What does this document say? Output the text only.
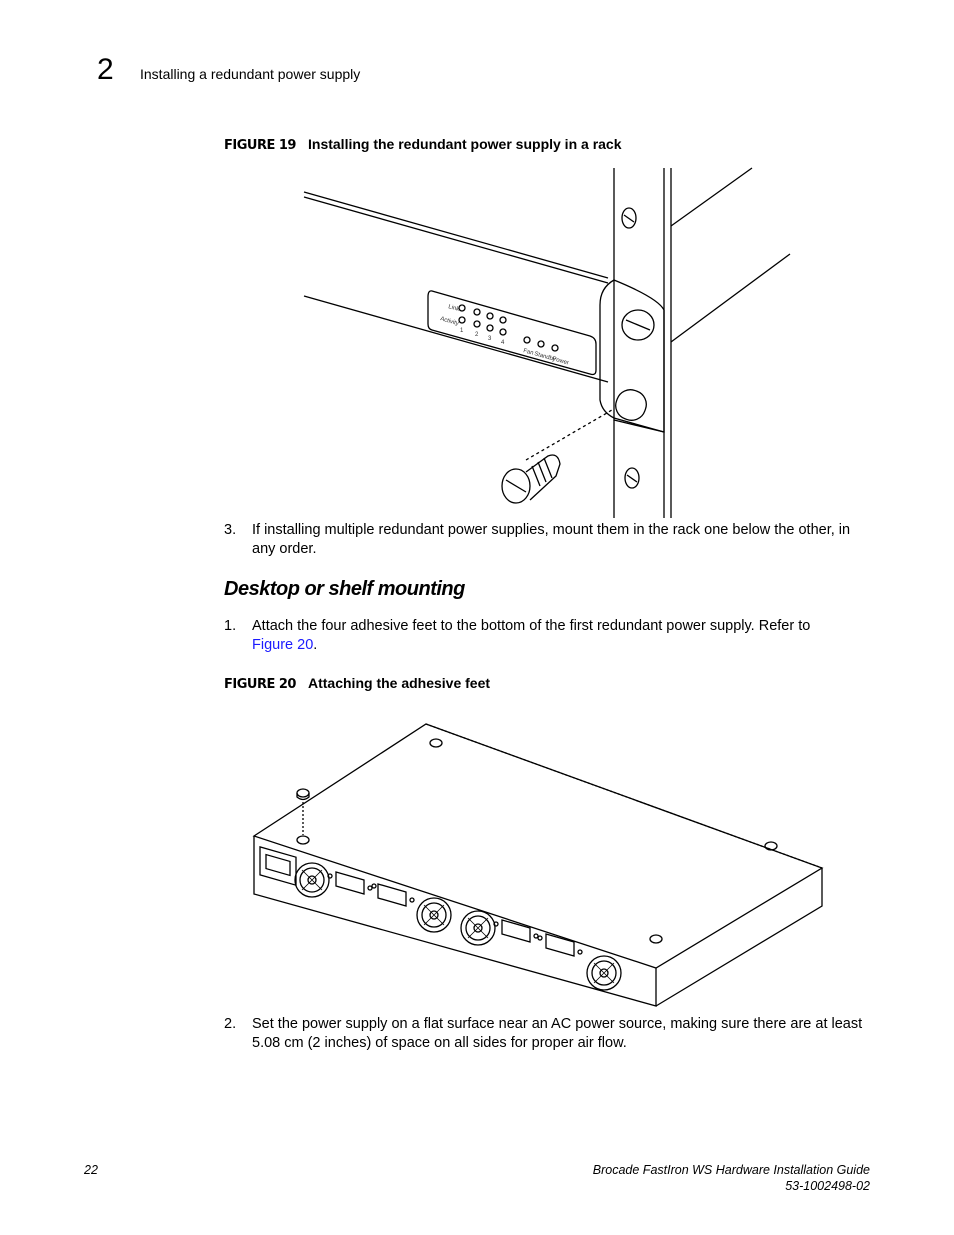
2 Installing a redundant power supply
FIGURE 19 Installing the redundant power supply in a rack
Link
Activity
1
2
3
4
Fan Standby
Power
3. If installing multiple redundant power supplies, mount them in the rack one below the other, in
any order.
Desktop or shelf mounting
1. Attach the four adhesive feet to the bottom of the first redundant power supply. Refer to
Figure 20.
FIGURE 20 Attaching the adhesive feet
2. Set the power supply on a flat surface near an AC power source, making sure there are at least
5.08 cm (2 inches) of space on all sides for proper air flow.
22	Brocade FastIron WS Hardware Installation Guide
53-1002498-02
